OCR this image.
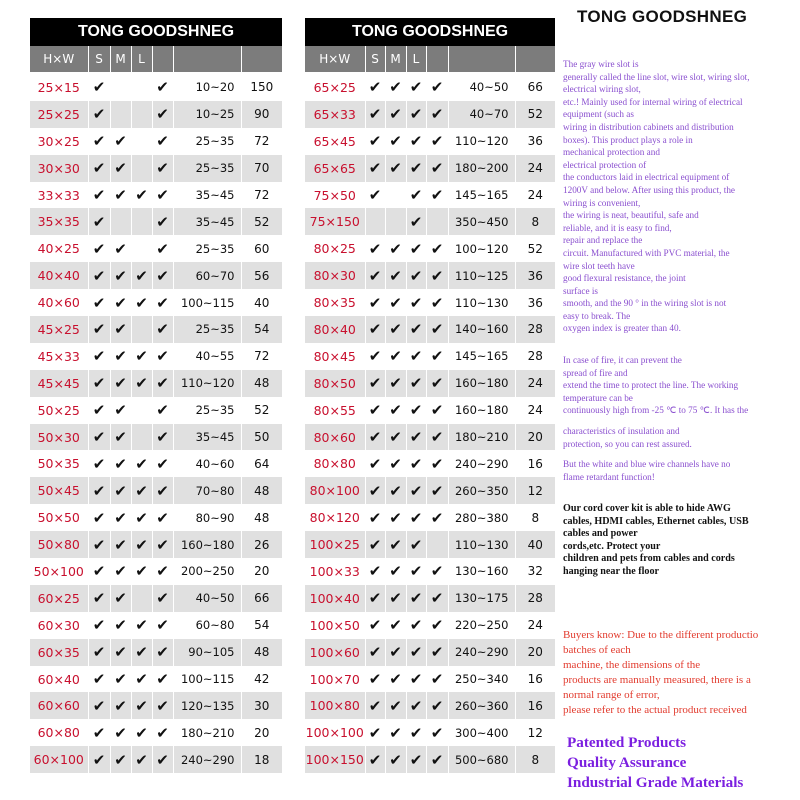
TONG GOODSHNEG
TONG GOODSHNEG						
H×W	S	M	L			
25×15	✔			✔	10~20	150
25×25	✔			✔	10~25	90
30×25	✔	✔		✔	25~35	72
30×30	✔	✔		✔	25~35	70
33×33	✔	✔	✔	✔	35~45	72
35×35	✔			✔	35~45	52
40×25	✔	✔		✔	25~35	60
40×40	✔	✔	✔	✔	60~70	56
40×60	✔	✔	✔	✔	100~115	40
45×25	✔	✔		✔	25~35	54
45×33	✔	✔	✔	✔	40~55	72
45×45	✔	✔	✔	✔	110~120	48
50×25	✔	✔		✔	25~35	52
50×30	✔	✔		✔	35~45	50
50×35	✔	✔	✔	✔	40~60	64
50×45	✔	✔	✔	✔	70~80	48
50×50	✔	✔	✔	✔	80~90	48
50×80	✔	✔	✔	✔	160~180	26
50×100	✔	✔	✔	✔	200~250	20
60×25	✔	✔		✔	40~50	66
60×30	✔	✔	✔	✔	60~80	54
60×35	✔	✔	✔	✔	90~105	48
60×40	✔	✔	✔	✔	100~115	42
60×60	✔	✔	✔	✔	120~135	30
60×80	✔	✔	✔	✔	180~210	20
60×100	✔	✔	✔	✔	240~290	18
TONG GOODSHNEG						
H×W	S	M	L			
65×25	✔	✔	✔	✔	40~50	66
65×33	✔	✔	✔	✔	40~70	52
65×45	✔	✔	✔	✔	110~120	36
65×65	✔	✔	✔	✔	180~200	24
75×50	✔		✔	✔	145~165	24
75×150			✔		350~450	8
80×25	✔	✔	✔	✔	100~120	52
80×30	✔	✔	✔	✔	110~125	36
80×35	✔	✔	✔	✔	110~130	36
80×40	✔	✔	✔	✔	140~160	28
80×45	✔	✔	✔	✔	145~165	28
80×50	✔	✔	✔	✔	160~180	24
80×55	✔	✔	✔	✔	160~180	24
80×60	✔	✔	✔	✔	180~210	20
80×80	✔	✔	✔	✔	240~290	16
80×100	✔	✔	✔	✔	260~350	12
80×120	✔	✔	✔	✔	280~380	8
100×25	✔	✔	✔		110~130	40
100×33	✔	✔	✔	✔	130~160	32
100×40	✔	✔	✔	✔	130~175	28
100×50	✔	✔	✔	✔	220~250	24
100×60	✔	✔	✔	✔	240~290	20
100×70	✔	✔	✔	✔	250~340	16
100×80	✔	✔	✔	✔	260~360	16
100×100	✔	✔	✔	✔	300~400	12
100×150	✔	✔	✔	✔	500~680	8
The gray wire slot is
generally called the line slot, wire slot, wiring slot,
electrical wiring slot,
etc.! Mainly used for internal wiring of electrical
equipment (such as
wiring in distribution cabinets and distribution
boxes). This product plays a role in
mechanical protection and
electrical protection of
the conductors laid in electrical equipment of
1200V and below. After using this product, the
wiring is convenient,
the wiring is neat, beautiful, safe and
reliable, and it is easy to find,
repair and replace the
circuit. Manufactured with PVC material, the
wire slot teeth have
good flexural resistance, the joint
surface is
smooth, and the 90 ° in the wiring slot is not
easy to break. The
oxygen index is greater than 40.
In case of fire, it can prevent the
spread of fire and
extend the time to protect the line. The working
temperature can be
continuously high from -25 ℃ to 75 ℃. It has the
characteristics of insulation and
protection, so you can rest assured.
But the white and blue wire channels have no
flame retardant function!
Our cord cover kit is able to hide AWG
cables, HDMI cables, Ethernet cables, USB
cables and power
cords,etc. Protect your
children and pets from cables and cords
hanging near the floor
Buyers know: Due to the different productio
batches of each
machine, the dimensions of the
products are manually measured, there is a
normal range of error,
please refer to the actual product received
Patented Products
Quality Assurance
Industrial Grade Materials
